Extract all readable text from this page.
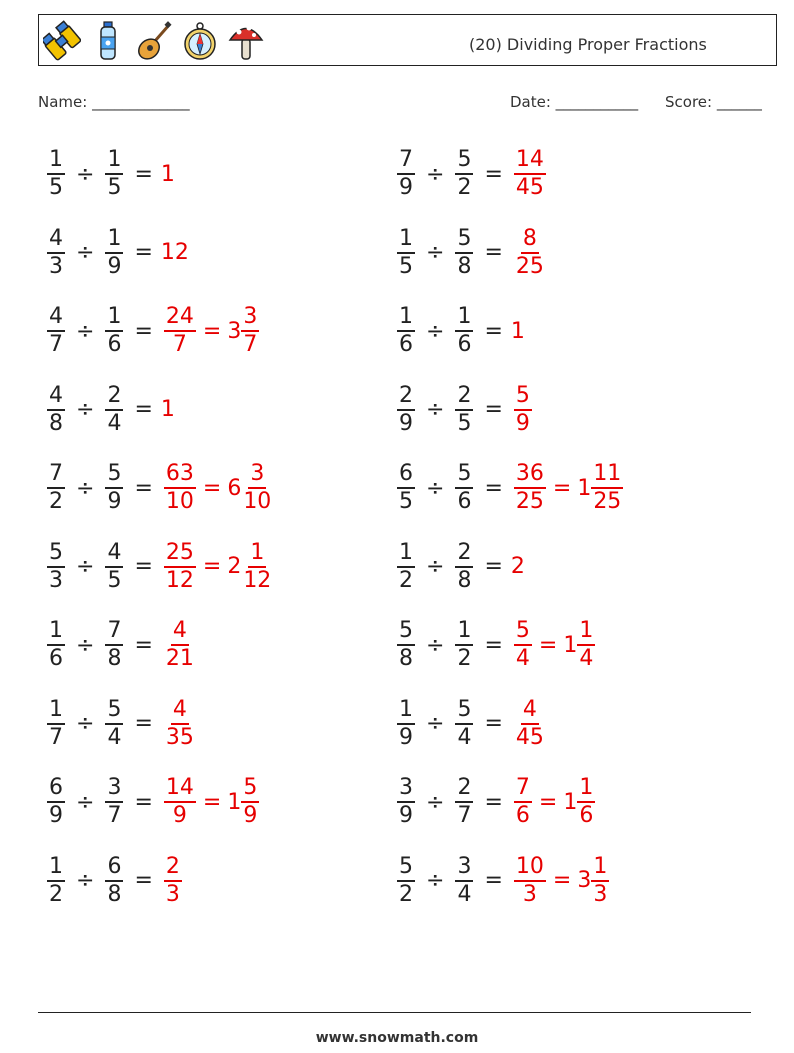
(20) Dividing Proper Fractions
Name: _____________	Date: ___________ Score: ______
$\frac{1}{5} \div \frac{1}{5} = 1$	$\frac{7}{9} \div \frac{5}{2} = \frac{14}{45}$
$\frac{4}{3} \div \frac{1}{9} = 12$	$\frac{1}{5} \div \frac{5}{8} = \frac{8}{25}$
$\frac{4}{7} \div \frac{1}{6} = \frac{24}{7} = 3 \frac{3}{7}$	$\frac{1}{6} \div \frac{1}{6} = 1$
$\frac{4}{8} \div \frac{2}{4} = 1$	$\frac{2}{9} \div \frac{2}{5} = \frac{5}{9}$
$\frac{7}{2} \div \frac{5}{9} = \frac{63}{10} = 6 \frac{3}{10}$	$\frac{6}{5} \div \frac{5}{6} = \frac{36}{25} = 1 \frac{11}{25}$
$\frac{5}{3} \div \frac{4}{5} = \frac{25}{12} = 2 \frac{1}{12}$	$\frac{1}{2} \div \frac{2}{8} = 2$
$\frac{1}{6} \div \frac{7}{8} = \frac{4}{21}$	$\frac{5}{8} \div \frac{1}{2} = \frac{5}{4} = 1 \frac{1}{4}$
$\frac{1}{7} \div \frac{5}{4} = \frac{4}{35}$	$\frac{1}{9} \div \frac{5}{4} = \frac{4}{45}$
$\frac{6}{9} \div \frac{3}{7} = \frac{14}{9} = 1 \frac{5}{9}$	$\frac{3}{9} \div \frac{2}{7} = \frac{7}{6} = 1 \frac{1}{6}$
$\frac{1}{2} \div \frac{6}{8} = \frac{2}{3}$	$\frac{5}{2} \div \frac{3}{4} = \frac{10}{3} = 3 \frac{1}{3}$
www.snowmath.com
